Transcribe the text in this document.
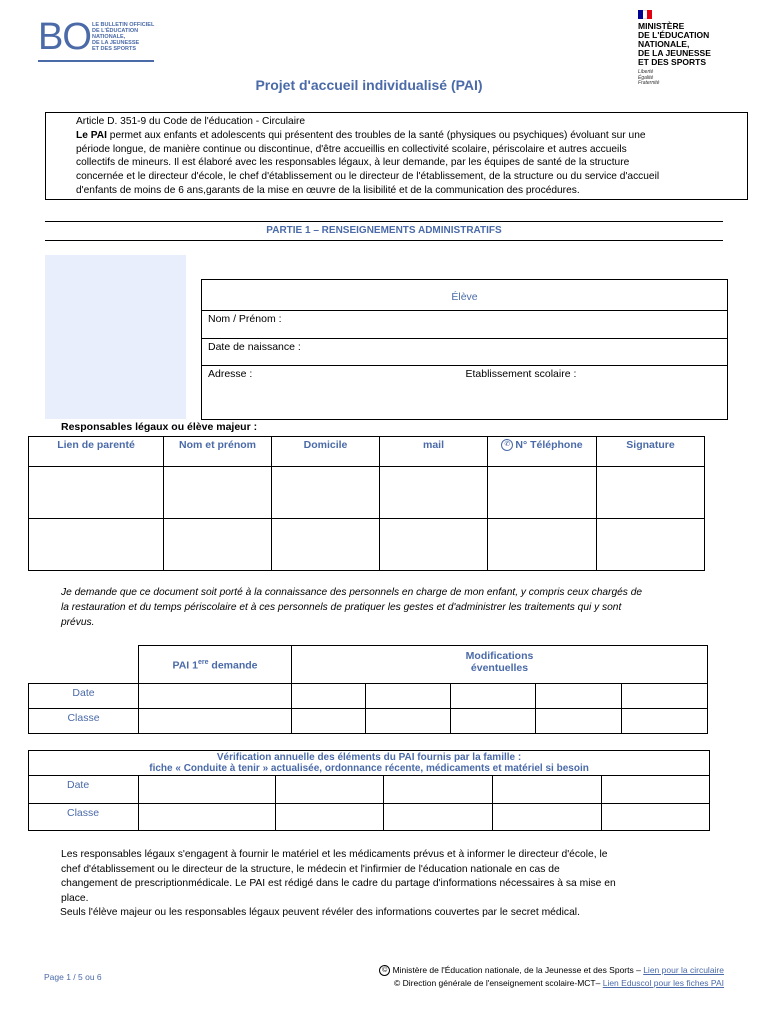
BO LE BULLETIN OFFICIEL
DE L'ÉDUCATION
NATIONALE,
DE LA JEUNESSE
ET DES SPORTS
MINISTÈRE
DE L'ÉDUCATION
NATIONALE,
DE LA JEUNESSE
ET DES SPORTS
Liberté
Égalité
Fraternité
Projet d'accueil individualisé (PAI)

Article D. 351-9 du Code de l'éducation - Circulaire

Le PAI permet aux enfants et adolescents qui présentent des troubles de la santé (physiques ou psychiques) évoluant sur une

période longue, de manière continue ou discontinue, d'être accueillis en collectivité scolaire, périscolaire et autres accueils

collectifs de mineurs. Il est élaboré avec les responsables légaux, à leur demande, par les équipes de santé de la structure

concernée et le directeur d'école, le chef d'établissement ou le directeur de l'établissement, de la structure ou du service d'accueil

d'enfants de moins de 6 ans,garants de la mise en œuvre de la lisibilité et de la communication des procédures.

PARTIE 1 – RENSEIGNEMENTS ADMINISTRATIFS
Élève
Nom / Prénom :
Date de naissance :
Adresse :	Etablissement scolaire :
Responsables légaux ou élève majeur :
Lien de parenté	Nom et prénom	Domicile	mail	✆ N° Téléphone	Signature

Je demande que ce document soit porté à la connaissance des personnels en charge de mon enfant, y compris ceux chargés de
la restauration et du temps périscolaire et à ces personnels de pratiquer les gestes et d'administrer les traitements qui y sont
prévus.
	PAI 1ere demande	Modifications
éventuelles				

Date						
Classe						
Vérification annuelle des éléments du PAI fournis par la famille :
fiche « Conduite à tenir » actualisée, ordonnance récente, médicaments et matériel si besoin					

Date					
Classe					
Les responsables légaux s'engagent à fournir le matériel et les médicaments prévus et à informer le directeur d'école, le
chef d'établissement ou le directeur de la structure, le médecin et l'infirmier de l'éducation nationale en cas de
changement de prescriptionmédicale. Le PAI est rédigé dans le cadre du partage d'informations nécessaires à sa mise en
place.
Seuls l'élève majeur ou les responsables légaux peuvent révéler des informations couvertes par le secret médical.
Page 1 / 5 ou 6
© Ministère de l'Éducation nationale, de la Jeunesse et des Sports – Lien pour la circulaire
© Direction générale de l'enseignement scolaire-MCT– Lien Eduscol pour les fiches PAI
